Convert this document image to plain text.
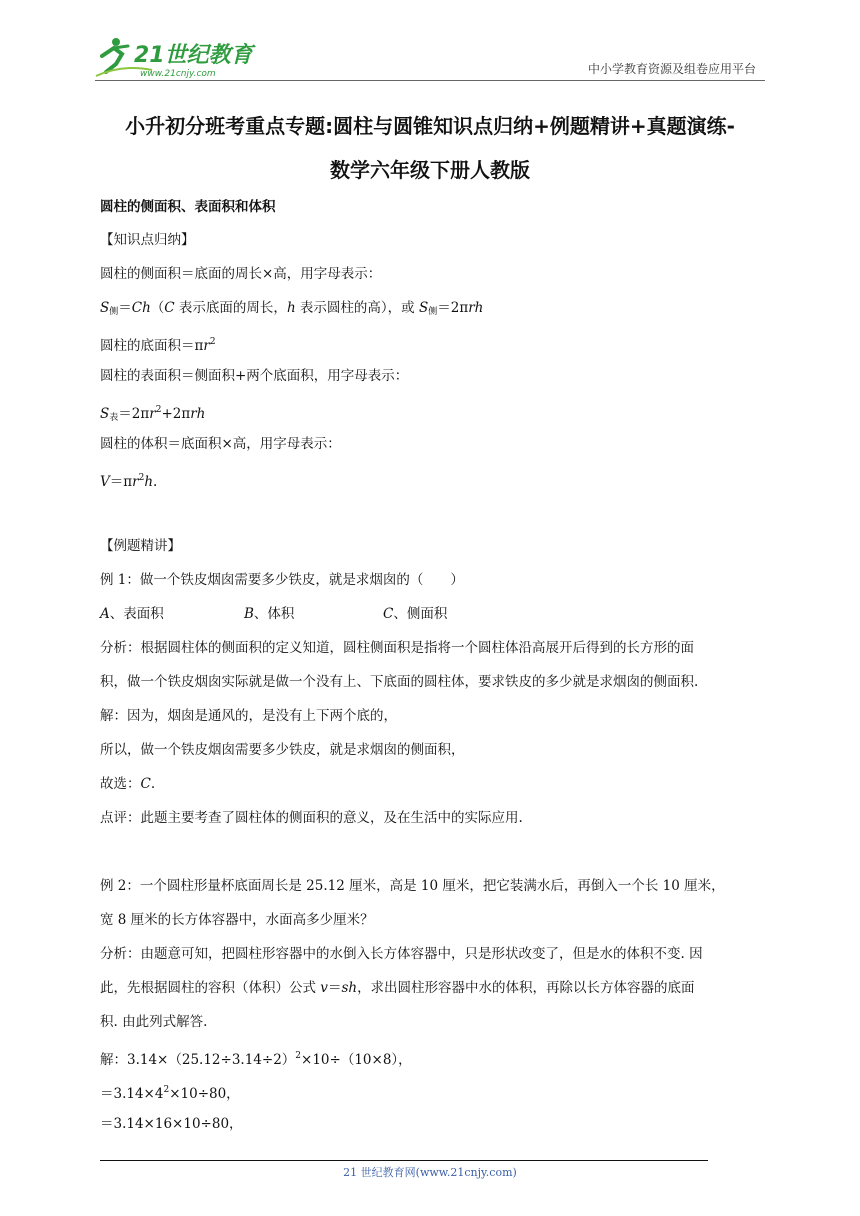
21世纪教育
www.21cnjy.com	中小学教育资源及组卷应用平台
小升初分班考重点专题:圆柱与圆锥知识点归纳+例题精讲+真题演练-
数学六年级下册人教版
圆柱的侧面积、表面积和体积
【知识点归纳】
圆柱的侧面积＝底面的周长×高，用字母表示：
$S_侧=Ch(C$ 表示底面的周长，h 表示圆柱的高），或 $S_侧=2\pi rh$
圆柱的底面积$=\pi r^2$
圆柱的表面积＝侧面积+两个底面积，用字母表示：
$S_表=2\pi r^2+2\pi rh$
圆柱的体积＝底面积×高，用字母表示：
$V=\pi r^2h$.
【例题精讲】
例 1：做一个铁皮烟囱需要多少铁皮，就是求烟囱的（　　）
A、表面积	B、体积	C、侧面积
分析：根据圆柱体的侧面积的定义知道，圆柱侧面积是指将一个圆柱体沿高展开后得到的长方形的面
积，做一个铁皮烟囱实际就是做一个没有上、下底面的圆柱体，要求铁皮的多少就是求烟囱的侧面积.
解：因为，烟囱是通风的，是没有上下两个底的，
所以，做一个铁皮烟囱需要多少铁皮，就是求烟囱的侧面积，
故选：C.
点评：此题主要考查了圆柱体的侧面积的意义，及在生活中的实际应用.
例 2：一个圆柱形量杯底面周长是 25.12 厘米，高是 10 厘米，把它装满水后，再倒入一个长 10 厘米，
宽 8 厘米的长方体容器中，水面高多少厘米？
分析：由题意可知，把圆柱形容器中的水倒入长方体容器中，只是形状改变了，但是水的体积不变. 因
此，先根据圆柱的容积（体积）公式 v＝sh，求出圆柱形容器中水的体积，再除以长方体容器的底面
积. 由此列式解答.
解：$3.14\times(25.12\div 3.14\div 2)^2\times 10\div(10\times 8)$，
$=3.14\times 4^2\times 10\div 80$，
＝3.14×16×10÷80，
21 世纪教育网(www.21cnjy.com)
